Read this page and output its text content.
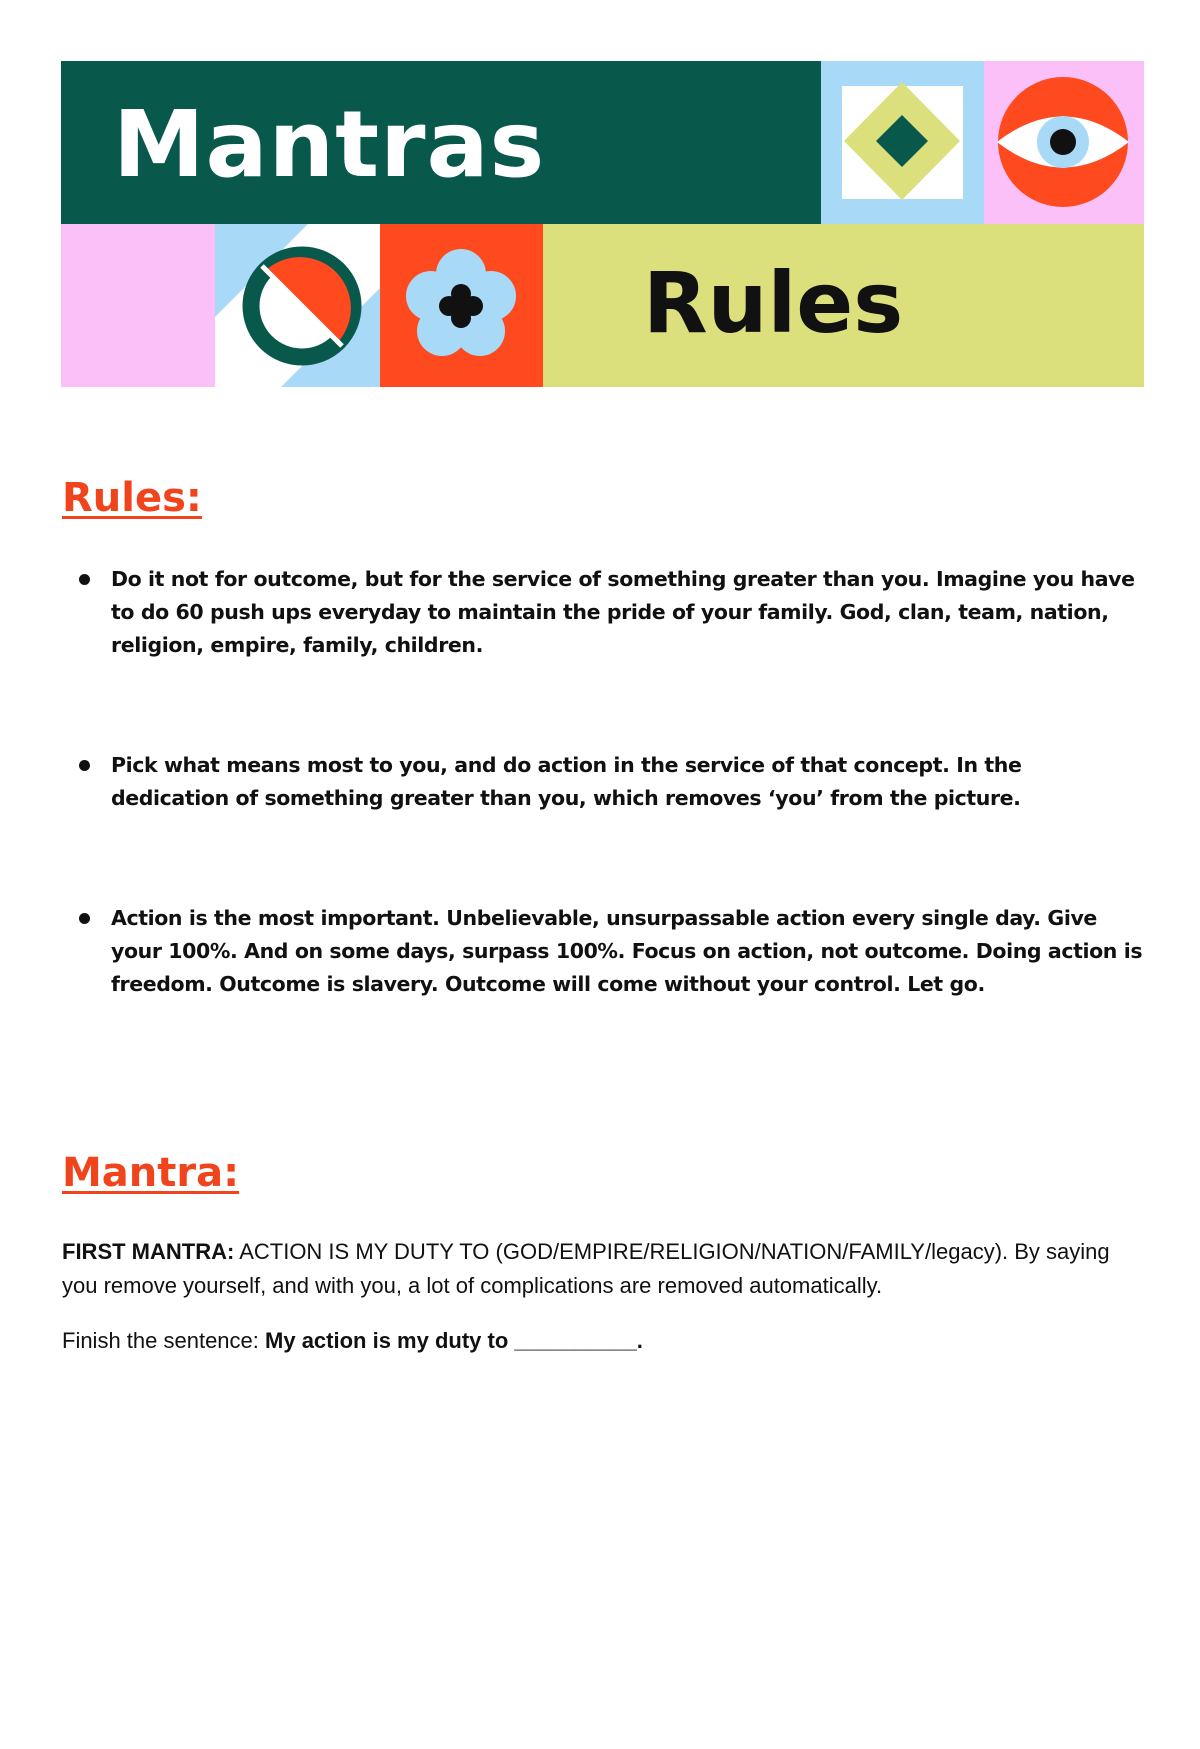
Mantras
Rules
Rules:
Do it not for outcome, but for the service of something greater than you. Imagine you have to do 60 push ups everyday to maintain the pride of your family. God, clan, team, nation, religion, empire, family, children.
Pick what means most to you, and do action in the service of that concept. In the dedication of something greater than you, which removes ‘you’ from the picture.
Action is the most important. Unbelievable, unsurpassable action every single day. Give your 100%. And on some days, surpass 100%. Focus on action, not outcome. Doing action is freedom. Outcome is slavery. Outcome will come without your control. Let go.
Mantra:

FIRST MANTRA: ACTION IS MY DUTY TO (GOD/EMPIRE/RELIGION/NATION/FAMILY/legacy). By saying you remove yourself, and with you, a lot of complications are removed automatically.

Finish the sentence: My action is my duty to __________.
